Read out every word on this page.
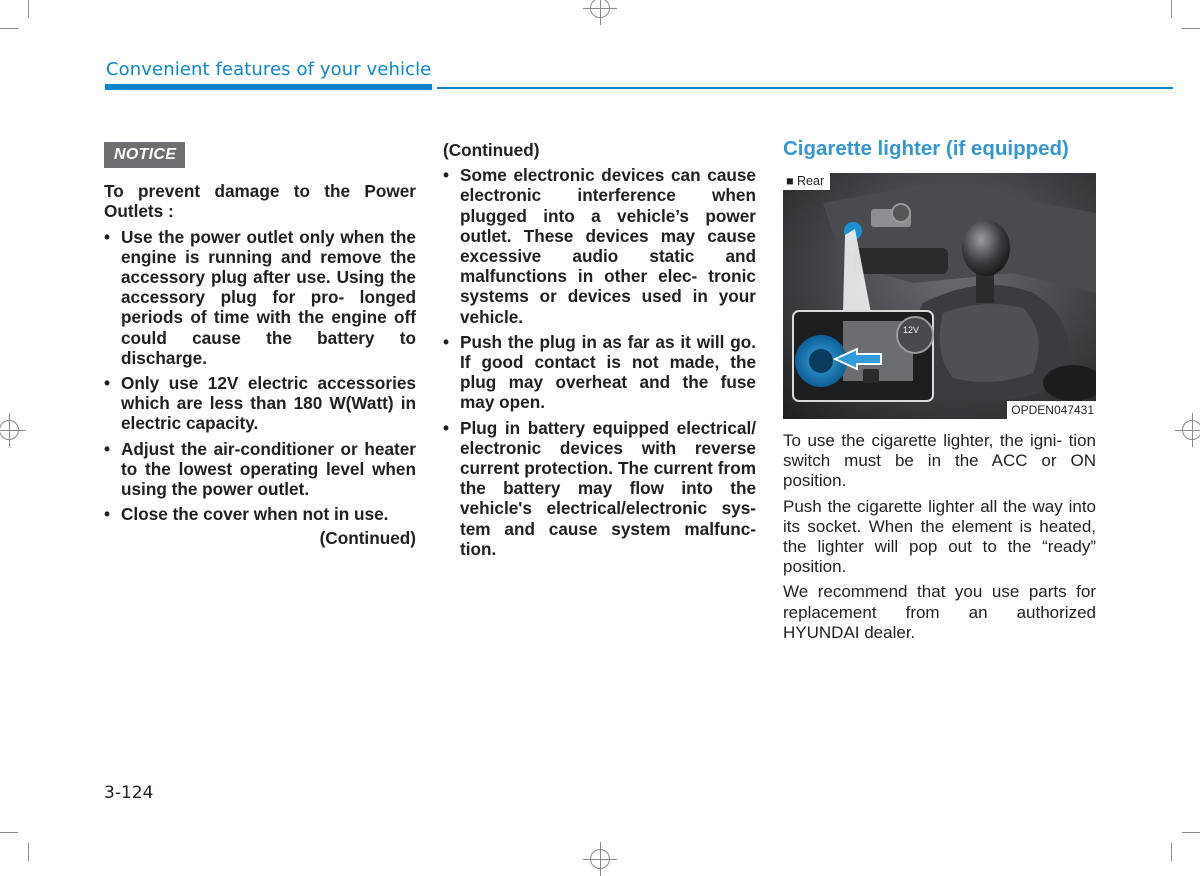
Convenient features of your vehicle
NOTICE

To prevent damage to the Power Outlets :

• Use the power outlet only when the engine is running and remove the accessory plug after use. Using the accessory plug for pro- longed periods of time with the engine off could cause the battery to discharge.
• Only use 12V electric accessories which are less than 180 W(Watt) in electric capacity.
• Adjust the air-conditioner or heater to the lowest operating level when using the power outlet.
• Close the cover when not in use.
(Continued)
(Continued)
• Some electronic devices can cause electronic interference when plugged into a vehicle’s power outlet. These devices may cause excessive audio static and malfunctions in other elec- tronic systems or devices used in your vehicle.
• Push the plug in as far as it will go. If good contact is not made, the plug may overheat and the fuse may open.
• Plug in battery equipped electrical/ electronic devices with reverse current protection. The current from the battery may flow into the vehicle's electrical/electronic sys- tem and cause system malfunc- tion.
Cigarette lighter (if equipped)
12V
■ Rear
OPDEN047431

To use the cigarette lighter, the igni- tion switch must be in the ACC or ON position.

Push the cigarette lighter all the way into its socket. When the element is heated, the lighter will pop out to the “ready” position.

We recommend that you use parts for replacement from an authorized HYUNDAI dealer.

3-124
